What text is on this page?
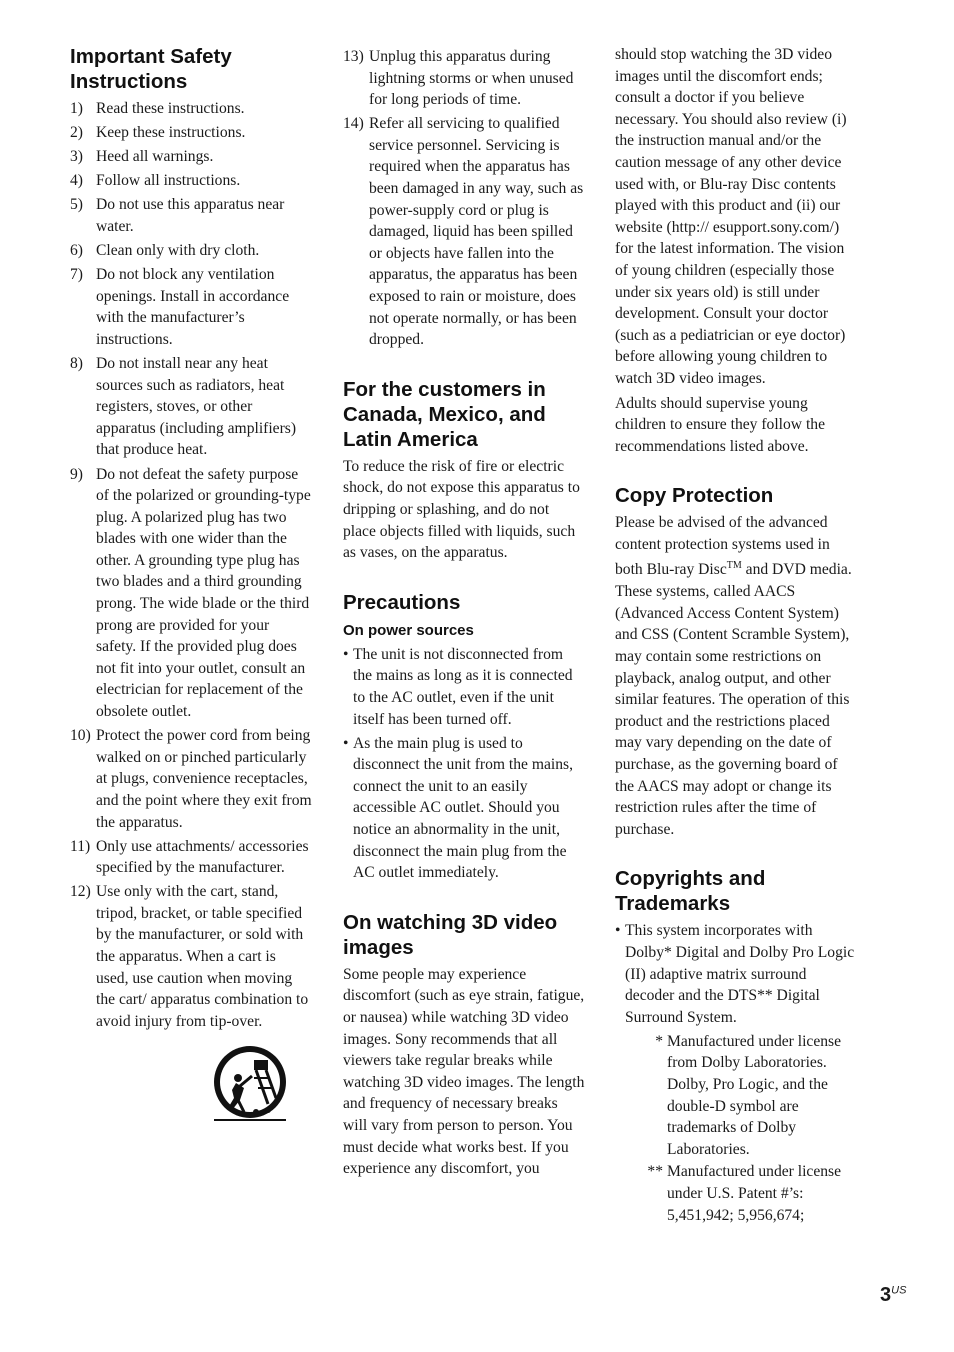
Important Safety Instructions
1) Read these instructions.
2) Keep these instructions.
3) Heed all warnings.
4) Follow all instructions.
5) Do not use this apparatus near water.
6) Clean only with dry cloth.
7) Do not block any ventilation openings. Install in accordance with the manufacturer’s instructions.
8) Do not install near any heat sources such as radiators, heat registers, stoves, or other apparatus (including amplifiers) that produce heat.
9) Do not defeat the safety purpose of the polarized or grounding-type plug. A polarized plug has two blades with one wider than the other. A grounding type plug has two blades and a third grounding prong. The wide blade or the third prong are provided for your safety. If the provided plug does not fit into your outlet, consult an electrician for replacement of the obsolete outlet.
10) Protect the power cord from being walked on or pinched particularly at plugs, convenience receptacles, and the point where they exit from the apparatus.
11) Only use attachments/ accessories specified by the manufacturer.
12) Use only with the cart, stand, tripod, bracket, or table specified by the manufacturer, or sold with the apparatus. When a cart is used, use caution when moving the cart/ apparatus combination to avoid injury from tip-over.
13) Unplug this apparatus during lightning storms or when unused for long periods of time.
14) Refer all servicing to qualified service personnel. Servicing is required when the apparatus has been damaged in any way, such as power-supply cord or plug is damaged, liquid has been spilled or objects have fallen into the apparatus, the apparatus has been exposed to rain or moisture, does not operate normally, or has been dropped.
For the customers in Canada, Mexico, and Latin America

To reduce the risk of fire or electric shock, do not expose this apparatus to dripping or splashing, and do not place objects filled with liquids, such as vases, on the apparatus.

Precautions
On power sources
• The unit is not disconnected from the mains as long as it is connected to the AC outlet, even if the unit itself has been turned off.
• As the main plug is used to disconnect the unit from the mains, connect the unit to an easily accessible AC outlet. Should you notice an abnormality in the unit, disconnect the main plug from the AC outlet immediately.
On watching 3D video images

Some people may experience discomfort (such as eye strain, fatigue, or nausea) while watching 3D video images. Sony recommends that all viewers take regular breaks while watching 3D video images. The length and frequency of necessary breaks will vary from person to person. You must decide what works best. If you experience any discomfort, you

should stop watching the 3D video images until the discomfort ends; consult a doctor if you believe necessary. You should also review (i) the instruction manual and/or the caution message of any other device used with, or Blu-ray Disc contents played with this product and (ii) our website (http:// esupport.sony.com/) for the latest information. The vision of young children (especially those under six years old) is still under development. Consult your doctor (such as a pediatrician or eye doctor) before allowing young children to watch 3D video images.

Adults should supervise young children to ensure they follow the recommendations listed above.

Copy Protection

Please be advised of the advanced content protection systems used in both Blu-ray Disc™ and DVD media. These systems, called AACS (Advanced Access Content System) and CSS (Content Scramble System), may contain some restrictions on playback, analog output, and other similar features. The operation of this product and the restrictions placed may vary depending on the date of purchase, as the governing board of the AACS may adopt or change its restriction rules after the time of purchase.

Copyrights and Trademarks
• This system incorporates with Dolby* Digital and Dolby Pro Logic (II) adaptive matrix surround decoder and the DTS** Digital Surround System.
* Manufactured under license from Dolby Laboratories. Dolby, Pro Logic, and the double-D symbol are trademarks of Dolby Laboratories.
** Manufactured under license under U.S. Patent #’s: 5,451,942; 5,956,674;
$3^{US}$
